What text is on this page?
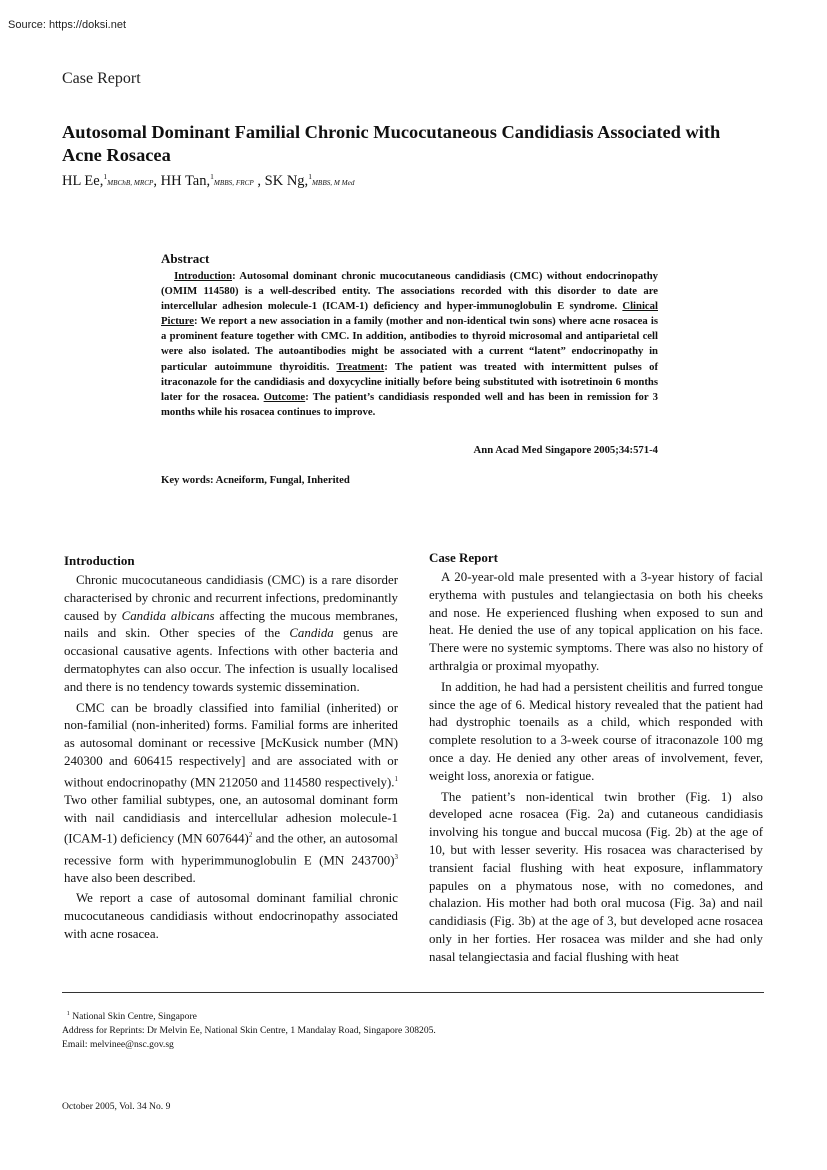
Source: https://doksi.net
Case Report
Autosomal Dominant Familial Chronic Mucocutaneous Candidiasis Associated with Acne Rosacea
HL Ee,$^1$MBChB, MRCP, HH Tan,$^1$MBBS, FRCP , SK Ng,$^1$MBBS, M Med
Abstract

Introduction: Autosomal dominant chronic mucocutaneous candidiasis (CMC) without endocrinopathy (OMIM 114580) is a well-described entity. The associations recorded with this disorder to date are intercellular adhesion molecule-1 (ICAM-1) deficiency and hyper-immunoglobulin E syndrome. Clinical Picture: We report a new association in a family (mother and non-identical twin sons) where acne rosacea is a prominent feature together with CMC. In addition, antibodies to thyroid microsomal and antiparietal cell were also isolated. The autoantibodies might be associated with a current “latent” endocrinopathy in particular autoimmune thyroiditis. Treatment: The patient was treated with intermittent pulses of itraconazole for the candidiasis and doxycycline initially before being substituted with isotretinoin 6 months later for the rosacea. Outcome: The patient’s candidiasis responded well and has been in remission for 3 months while his rosacea continues to improve.

Ann Acad Med Singapore 2005;34:571-4
Key words: Acneiform, Fungal, Inherited
Introduction

Chronic mucocutaneous candidiasis (CMC) is a rare disorder characterised by chronic and recurrent infections, predominantly caused by Candida albicans affecting the mucous membranes, nails and skin. Other species of the Candida genus are occasional causative agents. Infections with other bacteria and dermatophytes can also occur. The infection is usually localised and there is no tendency towards systemic dissemination.

CMC can be broadly classified into familial (inherited) or non-familial (non-inherited) forms. Familial forms are inherited as autosomal dominant or recessive [McKusick number (MN) 240300 and 606415 respectively] and are associated with or without endocrinopathy (MN 212050 and 114580 respectively).$^1$ Two other familial subtypes, one, an autosomal dominant form with nail candidiasis and intercellular adhesion molecule-1 (ICAM-1) deficiency (MN 607644)$^2$ and the other, an autosomal recessive form with hyperimmunoglobulin E (MN 243700)$^3$ have also been described.

We report a case of autosomal dominant familial chronic mucocutaneous candidiasis without endocrinopathy associated with acne rosacea.

Case Report

A 20-year-old male presented with a 3-year history of facial erythema with pustules and telangiectasia on both his cheeks and nose. He experienced flushing when exposed to sun and heat. He denied the use of any topical application on his face. There were no systemic symptoms. There was also no history of arthralgia or proximal myopathy.

In addition, he had had a persistent cheilitis and furred tongue since the age of 6. Medical history revealed that the patient had had dystrophic toenails as a child, which responded with complete resolution to a 3-week course of itraconazole 100 mg once a day. He denied any other areas of involvement, fever, weight loss, anorexia or fatigue.

The patient’s non-identical twin brother (Fig. 1) also developed acne rosacea (Fig. 2a) and cutaneous candidiasis involving his tongue and buccal mucosa (Fig. 2b) at the age of 10, but with lesser severity. His rosacea was characterised by transient facial flushing with heat exposure, inflammatory papules on a phymatous nose, with no comedones, and chalazion. His mother had both oral mucosa (Fig. 3a) and nail candidiasis (Fig. 3b) at the age of 3, but developed acne rosacea only in her forties. Her rosacea was milder and she had only nasal telangiectasia and facial flushing with heat

$^1$ National Skin Centre, Singapore

Address for Reprints: Dr Melvin Ee, National Skin Centre, 1 Mandalay Road, Singapore 308205.

Email: melvinee@nsc.gov.sg

October 2005, Vol. 34 No. 9
